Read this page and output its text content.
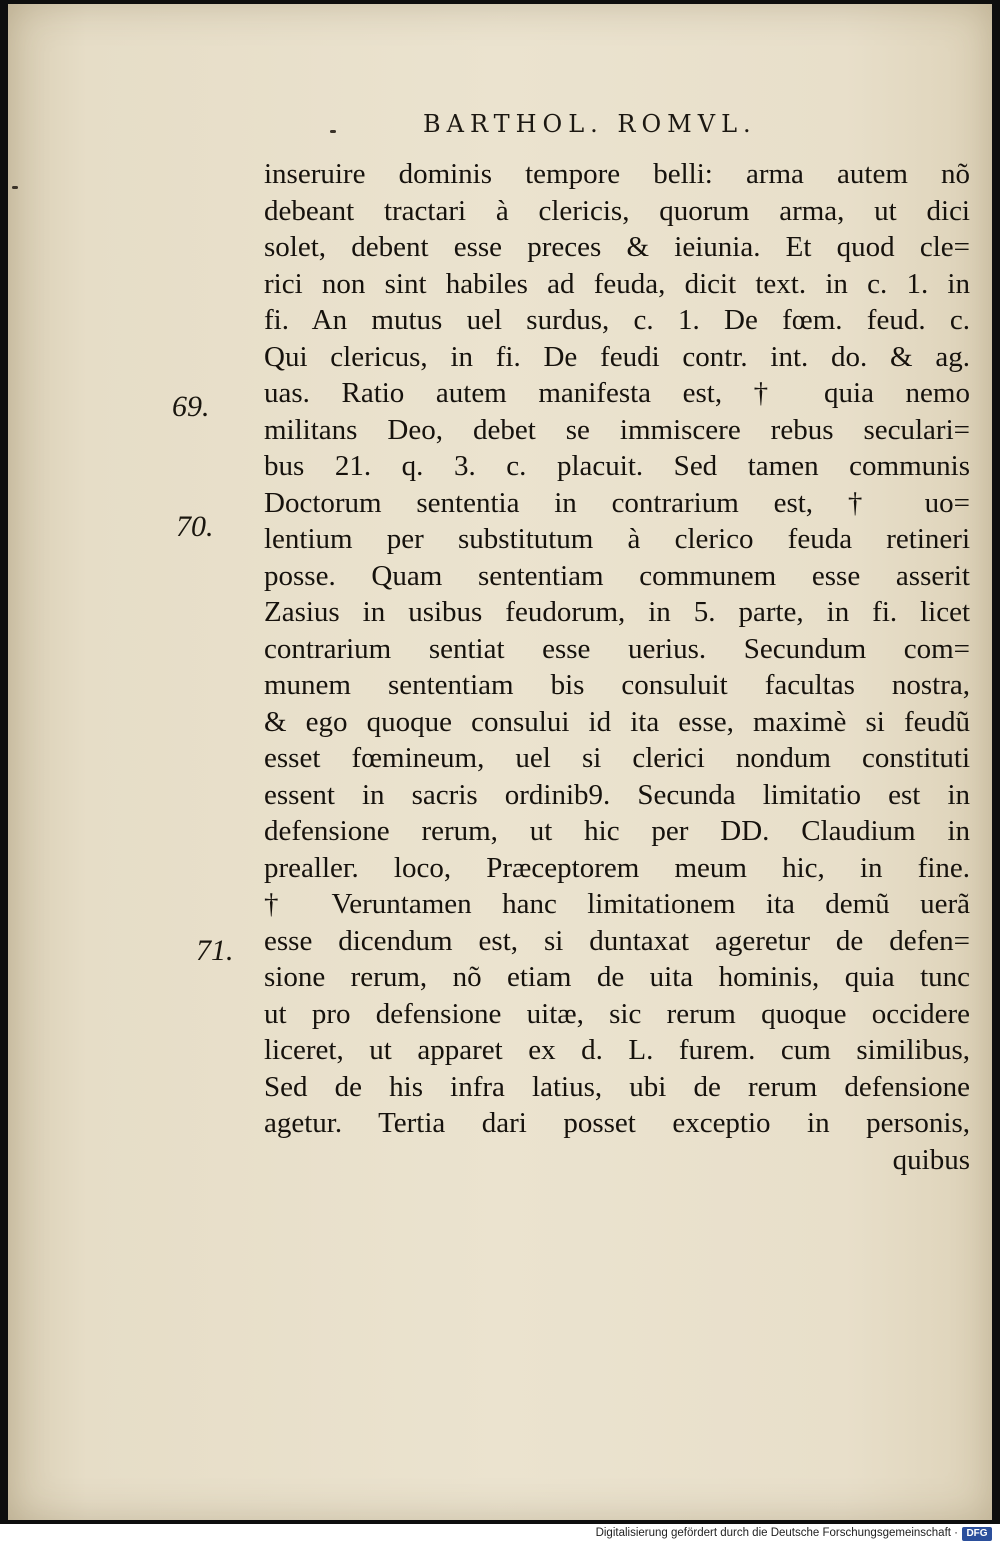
BARTHOL. ROMVL.
69.
70.
71.
inseruire dominis tempore belli: arma autem nõ
debeant tractari à clericis, quorum arma, ut dici
solet, debent esse preces & ieiunia. Et quod cle=
rici non sint habiles ad feuda, dicit text. in c. 1. in
fi. An mutus uel surdus, c. 1. De fœm. feud. c.
Qui clericus, in fi. De feudi contr. int. do. & ag.
uas. Ratio autem manifesta est, † quia nemo
militans Deo, debet se immiscere rebus seculari=
bus 21. q. 3. c. placuit. Sed tamen communis
Doctorum sententia in contrarium est, † uo=
lentium per substitutum à clerico feuda retineri
posse. Quam sententiam communem esse asserit
Zasius in usibus feudorum, in 5. parte, in fi. licet
contrarium sentiat esse uerius. Secundum com=
munem sententiam bis consuluit facultas nostra,
& ego quoque consului id ita esse, maximè si feudũ
esset fœmineum, uel si clerici nondum constituti
essent in sacris ordinib9. Secunda limitatio est in
defensione rerum, ut hic per DD. Claudium in
preallег. loco, Præceptorem meum hic, in fine.
† Veruntamen hanc limitationem ita demũ uerã
esse dicendum est, si duntaxat ageretur de defen=
sione rerum, nõ etiam de uita hominis, quia tunc
ut pro defensione uitæ, sic rerum quoque occidere
liceret, ut apparet ex d. L. furem. cum similibus,
Sed de his infra latius, ubi de rerum defensione
agetur. Tertia dari posset exceptio in personis,
quibus
Digitalisierung gefördert durch die Deutsche Forschungsgemeinschaft · DFG
